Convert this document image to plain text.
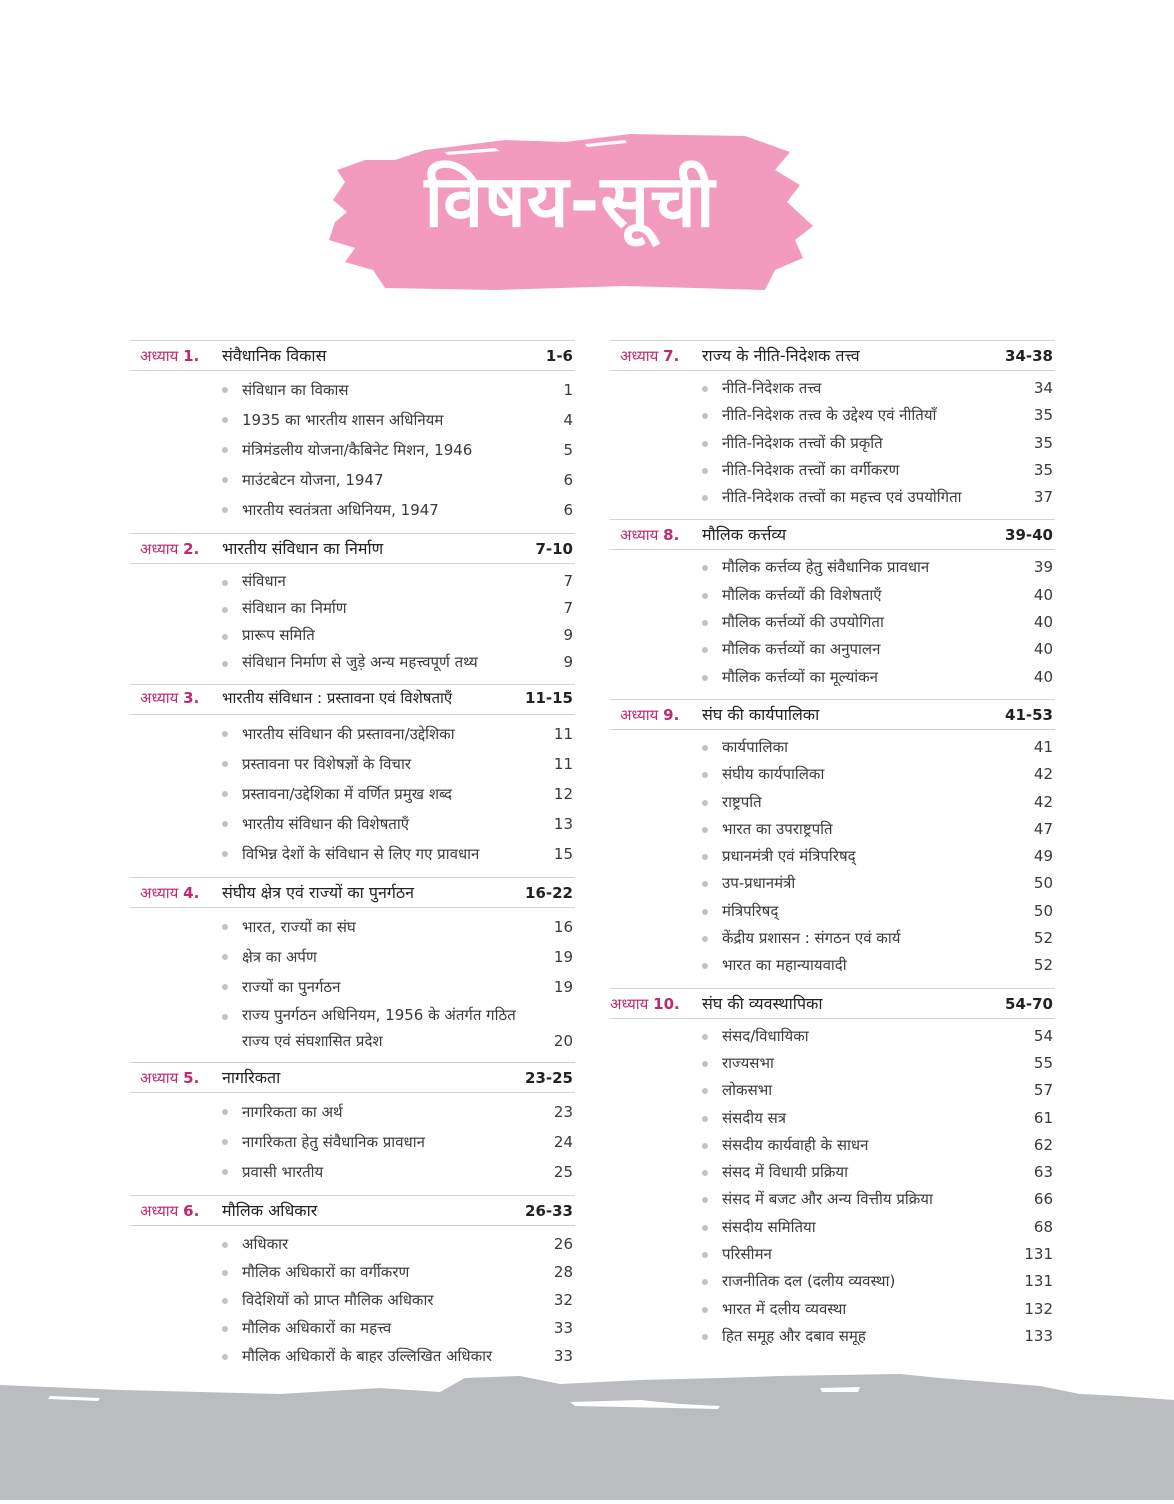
विषय-सूची
अध्याय 1.	संवैधानिक विकास	1-6
संविधान का विकास	1
1935 का भारतीय शासन अधिनियम	4
मंत्रिमंडलीय योजना/कैबिनेट मिशन, 1946	5
माउंटबेटन योजना, 1947	6
भारतीय स्वतंत्रता अधिनियम, 1947	6
अध्याय 2.	भारतीय संविधान का निर्माण	7-10
संविधान	7
संविधान का निर्माण	7
प्रारूप समिति	9
संविधान निर्माण से जुड़े अन्य महत्त्वपूर्ण तथ्य	9
अध्याय 3.	भारतीय संविधान : प्रस्तावना एवं विशेषताएँ	11-15
भारतीय संविधान की प्रस्तावना/उद्देशिका	11
प्रस्तावना पर विशेषज्ञों के विचार	11
प्रस्तावना/उद्देशिका में वर्णित प्रमुख शब्द	12
भारतीय संविधान की विशेषताएँ	13
विभिन्न देशों के संविधान से लिए गए प्रावधान	15
अध्याय 4.	संघीय क्षेत्र एवं राज्यों का पुनर्गठन	16-22
भारत, राज्यों का संघ	16
क्षेत्र का अर्पण	19
राज्यों का पुनर्गठन	19
राज्य पुनर्गठन अधिनियम, 1956 के अंतर्गत गठित राज्य एवं संघशासित प्रदेश	20
अध्याय 5.	नागरिकता	23-25
नागरिकता का अर्थ	23
नागरिकता हेतु संवैधानिक प्रावधान	24
प्रवासी भारतीय	25
अध्याय 6.	मौलिक अधिकार	26-33
अधिकार	26
मौलिक अधिकारों का वर्गीकरण	28
विदेशियों को प्राप्त मौलिक अधिकार	32
मौलिक अधिकारों का महत्त्व	33
मौलिक अधिकारों के बाहर उल्लिखित अधिकार	33
अध्याय 7.	राज्य के नीति-निदेशक तत्त्व	34-38
नीति-निदेशक तत्त्व	34
नीति-निदेशक तत्त्व के उद्देश्य एवं नीतियाँ	35
नीति-निदेशक तत्त्वों की प्रकृति	35
नीति-निदेशक तत्त्वों का वर्गीकरण	35
नीति-निदेशक तत्त्वों का महत्त्व एवं उपयोगिता	37
अध्याय 8.	मौलिक कर्त्तव्य	39-40
मौलिक कर्त्तव्य हेतु संवैधानिक प्रावधान	39
मौलिक कर्त्तव्यों की विशेषताएँ	40
मौलिक कर्त्तव्यों की उपयोगिता	40
मौलिक कर्त्तव्यों का अनुपालन	40
मौलिक कर्त्तव्यों का मूल्यांकन	40
अध्याय 9.	संघ की कार्यपालिका	41-53
कार्यपालिका	41
संघीय कार्यपालिका	42
राष्ट्रपति	42
भारत का उपराष्ट्रपति	47
प्रधानमंत्री एवं मंत्रिपरिषद्	49
उप-प्रधानमंत्री	50
मंत्रिपरिषद्	50
केंद्रीय प्रशासन : संगठन एवं कार्य	52
भारत का महान्यायवादी	52
अध्याय 10.	संघ की व्यवस्थापिका	54-70
संसद/विधायिका	54
राज्यसभा	55
लोकसभा	57
संसदीय सत्र	61
संसदीय कार्यवाही के साधन	62
संसद में विधायी प्रक्रिया	63
संसद में बजट और अन्य वित्तीय प्रक्रिया	66
संसदीय समितिया	68
परिसीमन	131
राजनीतिक दल (दलीय व्यवस्था)	131
भारत में दलीय व्यवस्था	132
हित समूह और दबाव समूह	133
